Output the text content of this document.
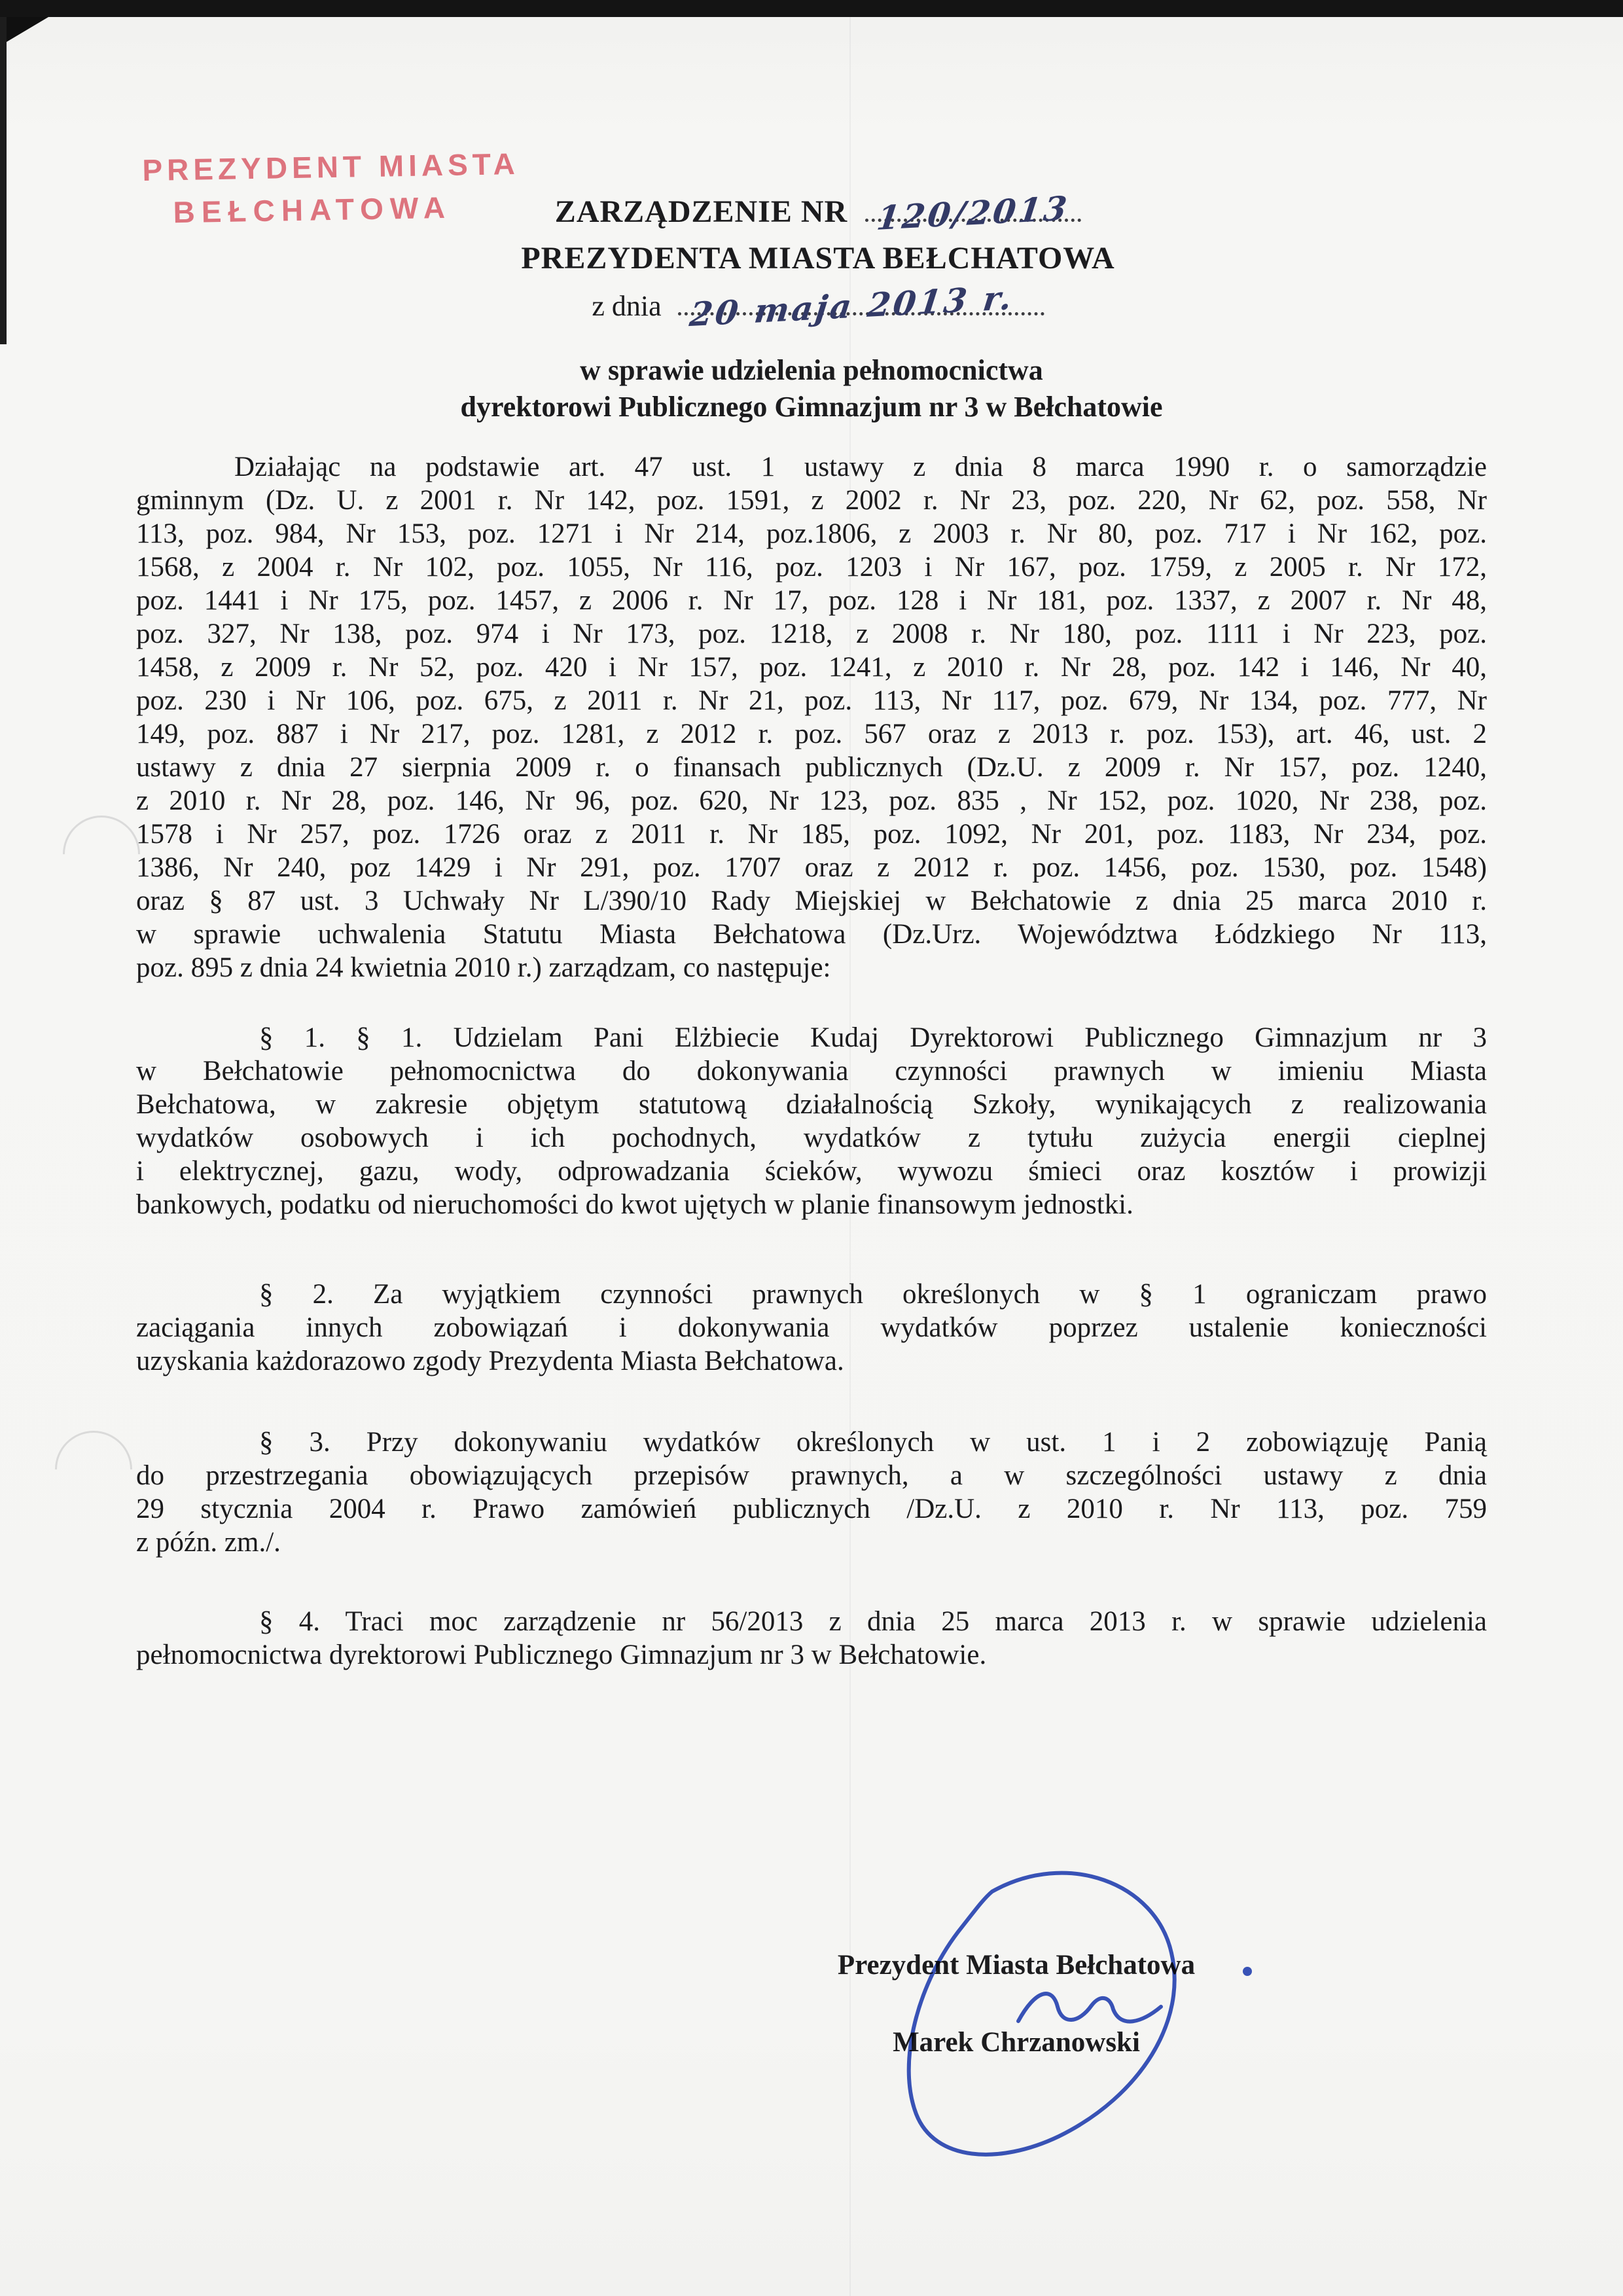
PREZYDENT MIASTA
BEŁCHATOWA	ZARZĄDZENIE NR 120/2013
PREZYDENTA MIASTA BEŁCHATOWA
z dnia 20 maja 2013 r.
w sprawie udzielenia pełnomocnictwa
dyrektorowi Publicznego Gimnazjum nr 3 w Bełchatowie
Działając na podstawie art. 47 ust. 1 ustawy z dnia 8 marca 1990 r. o samorządzie
gminnym (Dz. U. z 2001 r. Nr 142, poz. 1591, z 2002 r. Nr 23, poz. 220, Nr 62, poz. 558, Nr
113, poz. 984, Nr 153, poz. 1271 i Nr 214, poz.1806, z 2003 r. Nr 80, poz. 717 i Nr 162, poz.
1568, z 2004 r. Nr 102, poz. 1055, Nr 116, poz. 1203 i Nr 167, poz. 1759, z 2005 r. Nr 172,
poz. 1441 i Nr 175, poz. 1457, z 2006 r. Nr 17, poz. 128 i Nr 181, poz. 1337, z 2007 r. Nr 48,
poz. 327, Nr 138, poz. 974 i Nr 173, poz. 1218, z 2008 r. Nr 180, poz. 1111 i Nr 223, poz.
1458, z 2009 r. Nr 52, poz. 420 i Nr 157, poz. 1241, z 2010 r. Nr 28, poz. 142 i 146, Nr 40,
poz. 230 i Nr 106, poz. 675, z 2011 r. Nr 21, poz. 113, Nr 117, poz. 679, Nr 134, poz. 777, Nr
149, poz. 887 i Nr 217, poz. 1281, z 2012 r. poz. 567 oraz z 2013 r. poz. 153), art. 46, ust. 2
ustawy z dnia 27 sierpnia 2009 r. o finansach publicznych (Dz.U. z 2009 r. Nr 157, poz. 1240,
z 2010 r. Nr 28, poz. 146, Nr 96, poz. 620, Nr 123, poz. 835 , Nr 152, poz. 1020, Nr 238, poz.
1578 i Nr 257, poz. 1726 oraz z 2011 r. Nr 185, poz. 1092, Nr 201, poz. 1183, Nr 234, poz.
1386, Nr 240, poz 1429 i Nr 291, poz. 1707 oraz z 2012 r. poz. 1456, poz. 1530, poz. 1548)
oraz § 87 ust. 3 Uchwały Nr L/390/10 Rady Miejskiej w Bełchatowie z dnia 25 marca 2010 r.
w sprawie uchwalenia Statutu Miasta Bełchatowa (Dz.Urz. Województwa Łódzkiego Nr 113,
poz. 895 z dnia 24 kwietnia 2010 r.) zarządzam, co następuje:
§ 1. § 1. Udzielam Pani Elżbiecie Kudaj Dyrektorowi Publicznego Gimnazjum nr 3
w Bełchatowie pełnomocnictwa do dokonywania czynności prawnych w imieniu Miasta
Bełchatowa, w zakresie objętym statutową działalnością Szkoły, wynikających z realizowania
wydatków osobowych i ich pochodnych, wydatków z tytułu zużycia energii cieplnej
i elektrycznej, gazu, wody, odprowadzania ścieków, wywozu śmieci oraz kosztów i prowizji
bankowych, podatku od nieruchomości do kwot ujętych w planie finansowym jednostki.
§ 2. Za wyjątkiem czynności prawnych określonych w § 1 ograniczam prawo
zaciągania innych zobowiązań i dokonywania wydatków poprzez ustalenie konieczności
uzyskania każdorazowo zgody Prezydenta Miasta Bełchatowa.
§ 3. Przy dokonywaniu wydatków określonych w ust. 1 i 2 zobowiązuję Panią
do przestrzegania obowiązujących przepisów prawnych, a w szczególności ustawy z dnia
29 stycznia 2004 r. Prawo zamówień publicznych /Dz.U. z 2010 r. Nr 113, poz. 759
z późn. zm./.
§ 4. Traci moc zarządzenie nr 56/2013 z dnia 25 marca 2013 r. w sprawie udzielenia
pełnomocnictwa dyrektorowi Publicznego Gimnazjum nr 3 w Bełchatowie.
Prezydent Miasta Bełchatowa
Marek Chrzanowski
